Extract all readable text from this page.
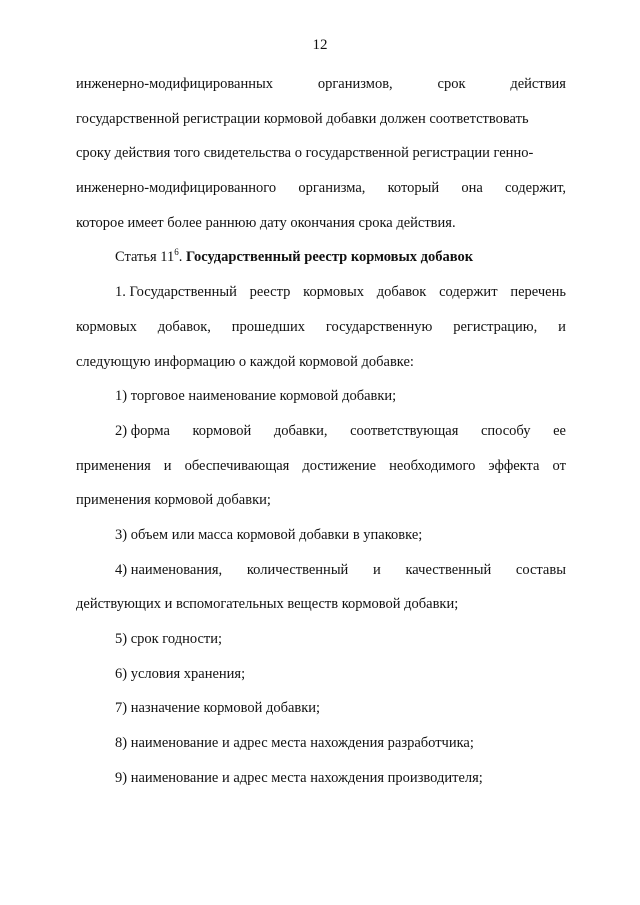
12
инженерно-модифицированных	организмов,	срок	действия
государственной регистрации кормовой добавки должен соответствовать
сроку действия того свидетельства о государственной регистрации генно-
инженерно-модифицированного организма, который она содержит,
которое имеет более раннюю дату окончания срока действия.
Статья $11^6$. Государственный реестр кормовых добавок
1. Государственный реестр кормовых добавок содержит перечень
кормовых добавок, прошедших государственную регистрацию, и
следующую информацию о каждой кормовой добавке:
1) торговое наименование кормовой добавки;
2) форма кормовой добавки, соответствующая способу ее
применения и обеспечивающая достижение необходимого эффекта от
применения кормовой добавки;
3) объем или масса кормовой добавки в упаковке;
4) наименования, количественный и качественный составы
действующих и вспомогательных веществ кормовой добавки;
5) срок годности;
6) условия хранения;
7) назначение кормовой добавки;
8) наименование и адрес места нахождения разработчика;
9) наименование и адрес места нахождения производителя;
